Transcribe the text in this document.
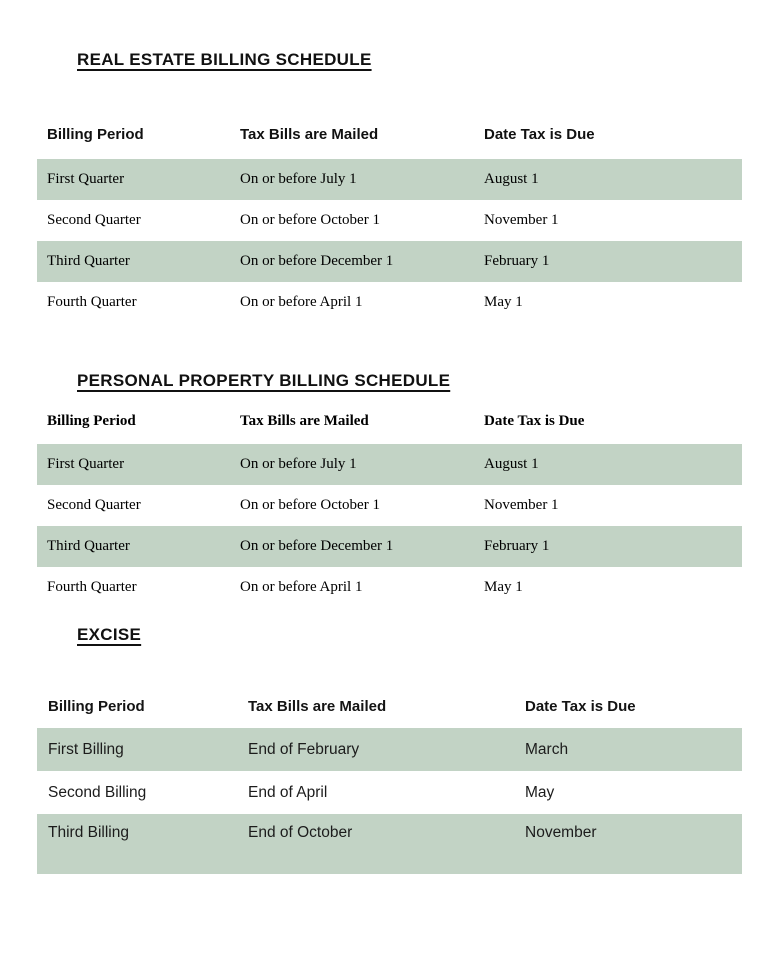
REAL ESTATE BILLING SCHEDULE
Billing Period	Tax Bills are Mailed	Date Tax is Due
First Quarter	On or before July 1	August 1
Second Quarter	On or before October 1	November 1
Third Quarter	On or before December 1	February 1
Fourth Quarter	On or before April 1	May 1
PERSONAL PROPERTY BILLING SCHEDULE
Billing Period	Tax Bills are Mailed	Date Tax is Due
First Quarter	On or before July 1	August 1
Second Quarter	On or before October 1	November 1
Third Quarter	On or before December 1	February 1
Fourth Quarter	On or before April 1	May 1
EXCISE
Billing Period	Tax Bills are Mailed	Date Tax is Due
First Billing	End of February	March
Second Billing	End of April	May
Third Billing	End of October	November
